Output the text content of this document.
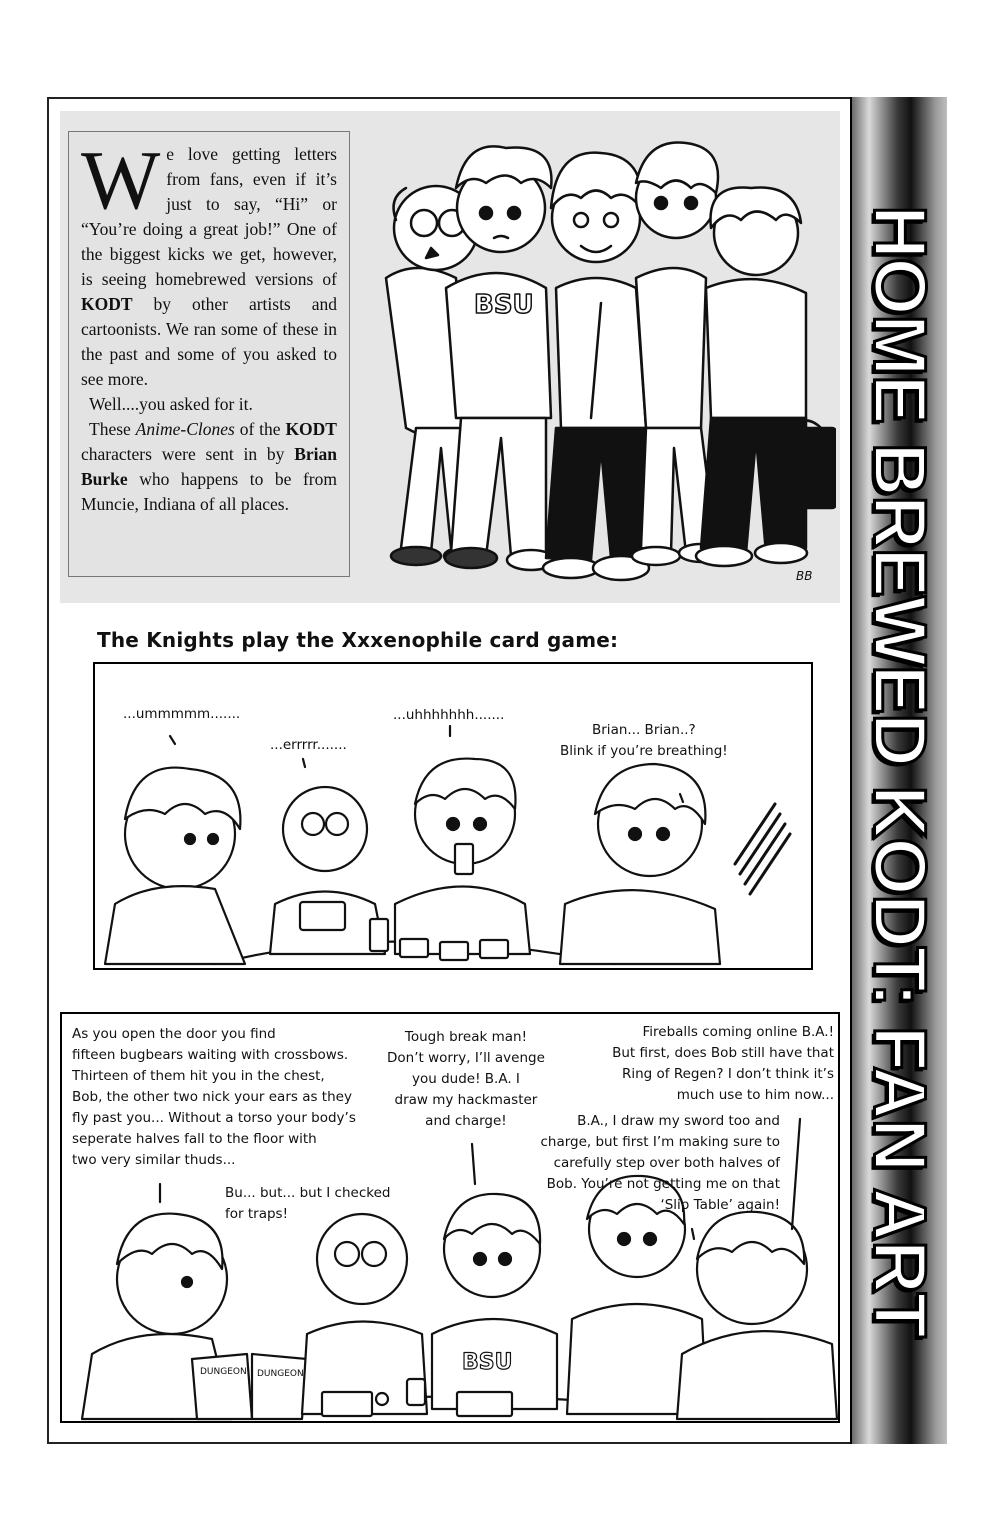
HOME BREWED KODT: FAN ART
W e love getting letters from fans, even if it’s just to say, “Hi” or “You’re doing a great job!” One of the biggest kicks we get, however, is seeing homebrewed versions of KODT by other artists and cartoonists. We ran some of these in the past and some of you asked to see more.

Well....you asked for it.

These Anime-Clones of the KODT characters were sent in by Brian Burke who happens to be from Muncie, Indiana of all places.

BSU
BB
The Knights play the Xxxenophile card game:
...ummmmm.......
...errrrr.......
...uhhhhhhh.......
Brian... Brian..?
Blink if you’re breathing!
DUNGEON DUNGEON	BSU
As you open the door you find
fifteen bugbears waiting with crossbows.
Thirteen of them hit you in the chest,
Bob, the other two nick your ears as they
fly past you... Without a torso your body’s
seperate halves fall to the floor with
two very similar thuds...
Tough break man!
Don’t worry, I’ll avenge
you dude! B.A. I
draw my hackmaster
and charge!
Fireballs coming online B.A.!
But first, does Bob still have that
Ring of Regen? I don’t think it’s
much use to him now...
B.A., I draw my sword too and
charge, but first I’m making sure to
carefully step over both halves of
Bob. You’re not getting me on that
‘Slip Table’ again!
Bu... but... but I checked
for traps!
